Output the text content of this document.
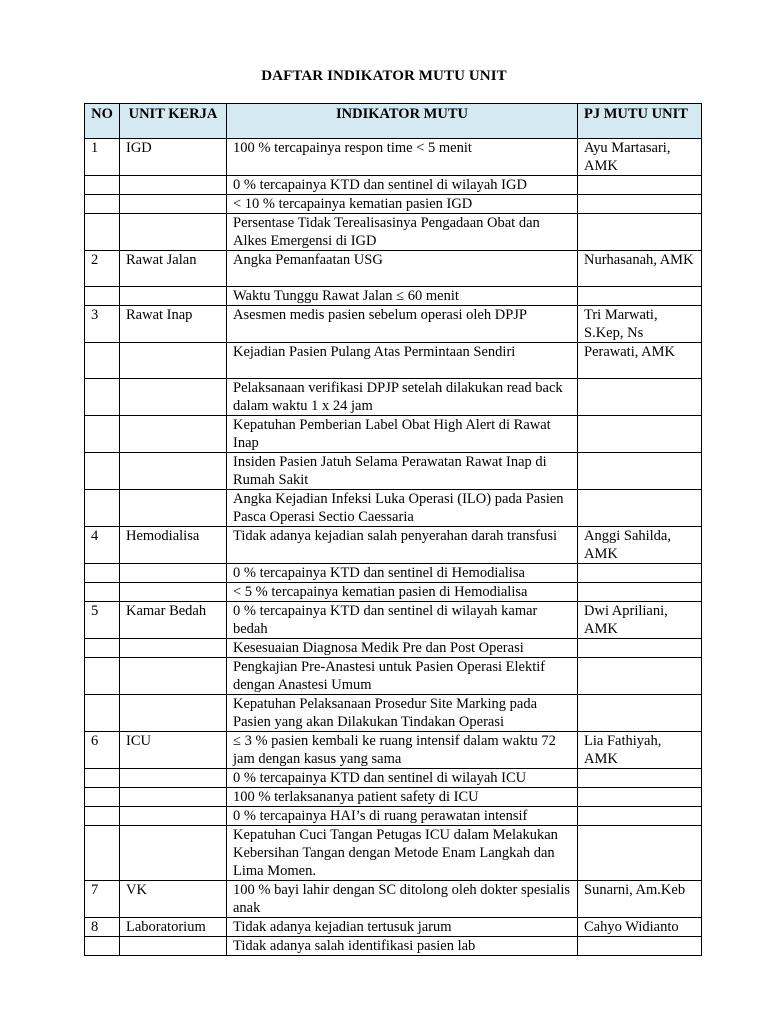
DAFTAR INDIKATOR MUTU UNIT
NO	UNIT KERJA	INDIKATOR MUTU	PJ MUTU UNIT
1	IGD	100 % tercapainya respon time < 5 menit	Ayu Martasari, AMK
		0 % tercapainya KTD dan sentinel di wilayah IGD	
		< 10 % tercapainya kematian pasien IGD	
		Persentase Tidak Terealisasinya Pengadaan Obat dan Alkes Emergensi di IGD	
2	Rawat Jalan	Angka Pemanfaatan USG	Nurhasanah, AMK
		Waktu Tunggu Rawat Jalan ≤ 60 menit	
3	Rawat Inap	Asesmen medis pasien sebelum operasi oleh DPJP	Tri Marwati, S.Kep, Ns
		Kejadian Pasien Pulang Atas Permintaan Sendiri	Perawati, AMK
		Pelaksanaan verifikasi DPJP setelah dilakukan read back dalam waktu 1 x 24 jam	
		Kepatuhan Pemberian Label Obat High Alert di Rawat Inap	
		Insiden Pasien Jatuh Selama Perawatan Rawat Inap di Rumah Sakit	
		Angka Kejadian Infeksi Luka Operasi (ILO) pada Pasien Pasca Operasi Sectio Caessaria	
4	Hemodialisa	Tidak adanya kejadian salah penyerahan darah transfusi	Anggi Sahilda, AMK
		0 % tercapainya KTD dan sentinel di Hemodialisa	
		< 5 % tercapainya kematian pasien di Hemodialisa	
5	Kamar Bedah	0 % tercapainya KTD dan sentinel di wilayah kamar bedah	Dwi Apriliani, AMK
		Kesesuaian Diagnosa Medik Pre dan Post Operasi	
		Pengkajian Pre-Anastesi untuk Pasien Operasi Elektif dengan Anastesi Umum	
		Kepatuhan Pelaksanaan Prosedur Site Marking pada Pasien yang akan Dilakukan Tindakan Operasi	
6	ICU	≤ 3 % pasien kembali ke ruang intensif dalam waktu 72 jam dengan kasus yang sama	Lia Fathiyah, AMK
		0 % tercapainya KTD dan sentinel di wilayah ICU	
		100 % terlaksananya patient safety di ICU	
		0 % tercapainya HAI’s di ruang perawatan intensif	
		Kepatuhan Cuci Tangan Petugas ICU dalam Melakukan Kebersihan Tangan dengan Metode Enam Langkah dan Lima Momen.	
7	VK	100 % bayi lahir dengan SC ditolong oleh dokter spesialis anak	Sunarni, Am.Keb
8	Laboratorium	Tidak adanya kejadian tertusuk jarum	Cahyo Widianto
		Tidak adanya salah identifikasi pasien lab	
